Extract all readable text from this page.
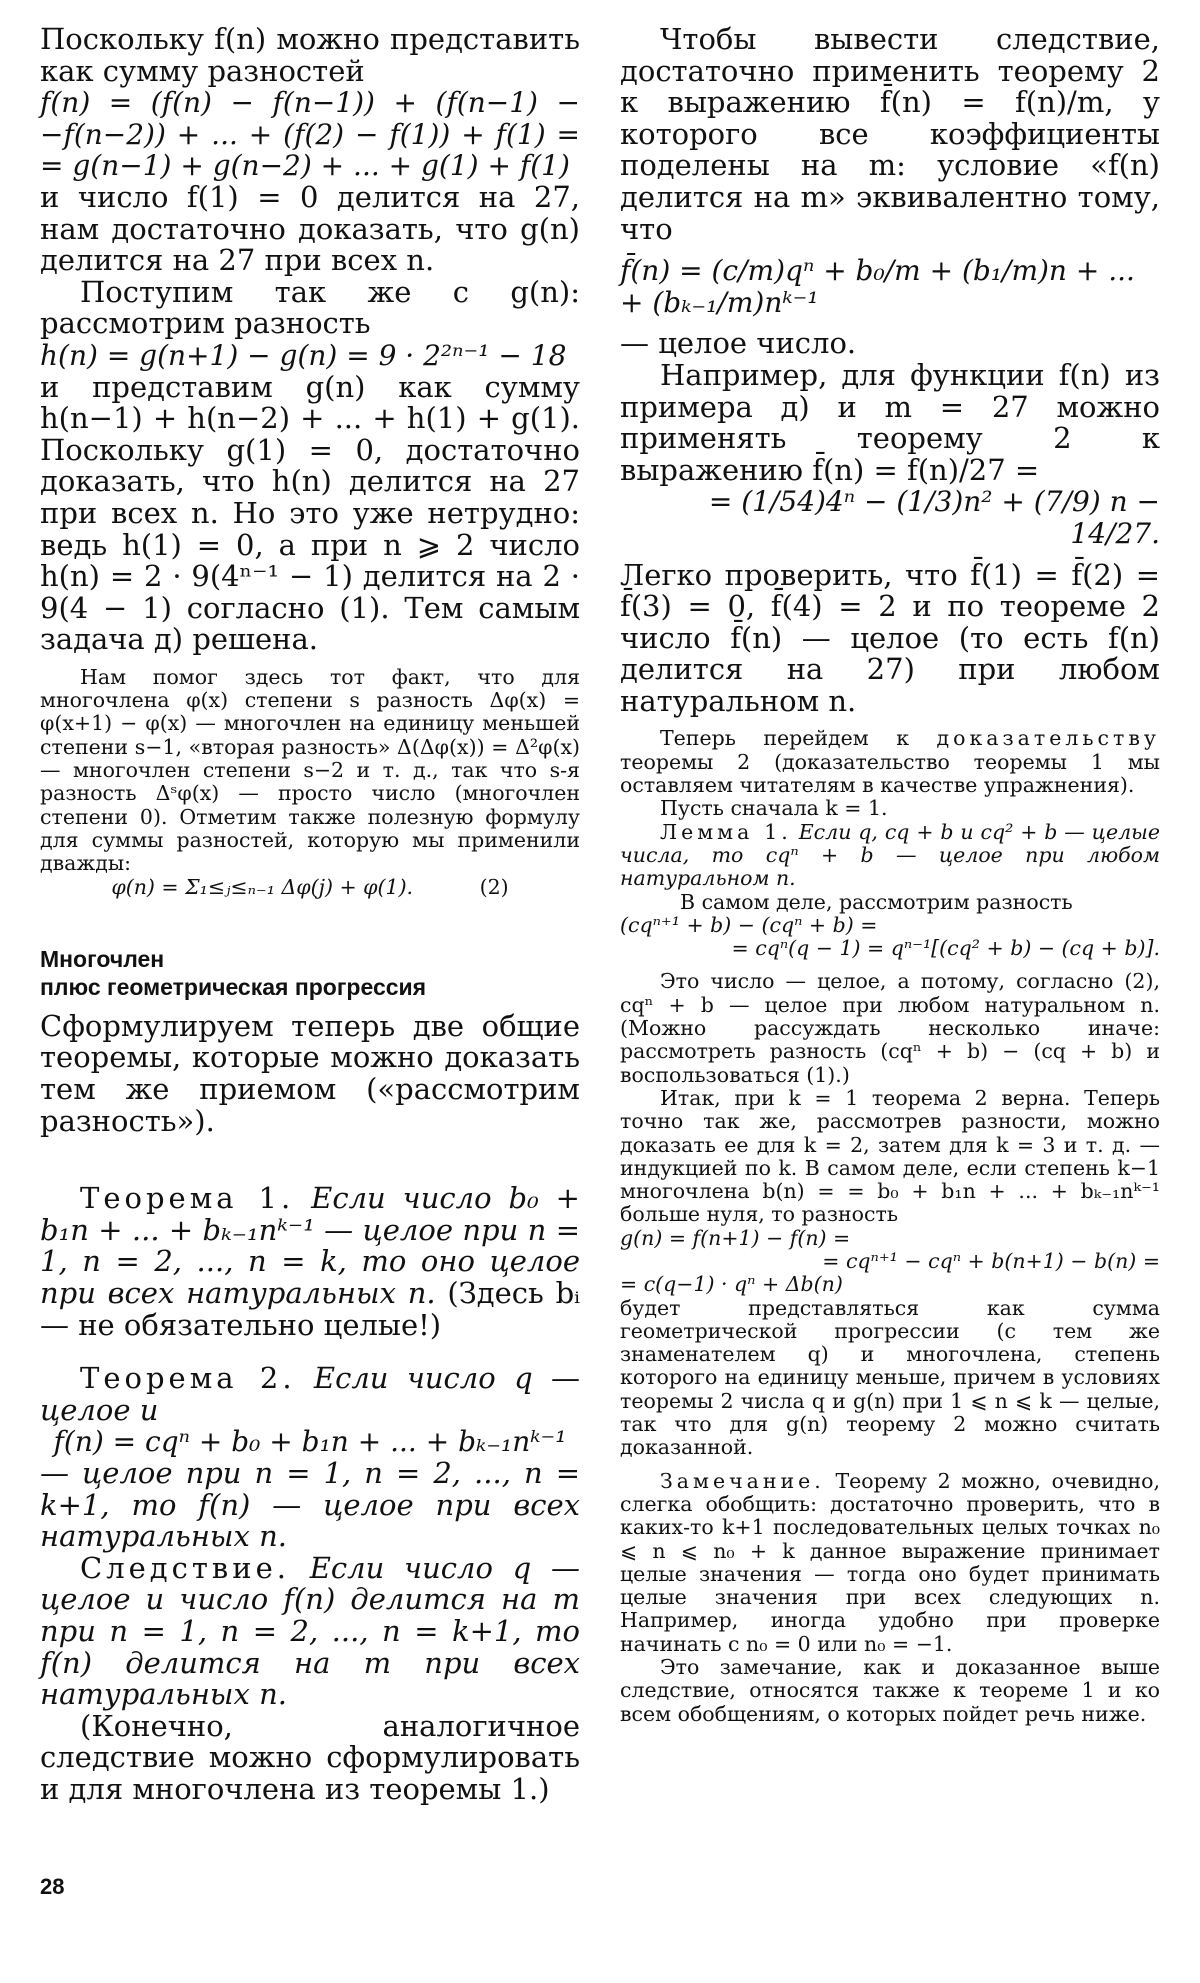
Поскольку f(n) можно представить как сумму разностей

f(n) = (f(n) − f(n−1)) + (f(n−1) − −f(n−2)) + ... + (f(2) − f(1)) + f(1) = = g(n−1) + g(n−2) + ... + g(1) + f(1)

и число f(1) = 0 делится на 27, нам достаточно доказать, что g(n) делится на 27 при всех n.

Поступим так же с g(n): рассмотрим разность

h(n) = g(n+1) − g(n) = 9 · 2²ⁿ⁻¹ − 18

и представим g(n) как сумму h(n−1) + h(n−2) + ... + h(1) + g(1). Поскольку g(1) = 0, достаточно доказать, что h(n) делится на 27 при всех n. Но это уже нетрудно: ведь h(1) = 0, а при n ⩾ 2 число h(n) = 2 · 9(4ⁿ⁻¹ − 1) делится на 2 · 9(4 − 1) согласно (1). Тем самым задача д) решена.

Нам помог здесь тот факт, что для многочлена φ(x) степени s разность Δφ(x) = φ(x+1) − φ(x) — многочлен на единицу меньшей степени s−1, «вторая разность» Δ(Δφ(x)) = Δ²φ(x) — многочлен степени s−2 и т. д., так что s-я разность Δˢφ(x) — просто число (многочлен степени 0). Отметим также полезную формулу для суммы разностей, которую мы применили дважды:

φ(n) = Σ₁≤ⱼ≤ₙ₋₁ Δφ(j) + φ(1).	(2)

Многочлен

плюс геометрическая прогрессия

Сформулируем теперь две общие теоремы, которые можно доказать тем же приемом («рассмотрим разность»).

Теорема 1. Если число b₀ + b₁n + ... + bₖ₋₁nᵏ⁻¹ — целое при n = 1, n = 2, ..., n = k, то оно целое при всех натуральных n. (Здесь bᵢ — не обязательно целые!)

Теорема 2. Если число q — целое и

f(n) = cqⁿ + b₀ + b₁n + ... + bₖ₋₁nᵏ⁻¹

— целое при n = 1, n = 2, ..., n = k+1, то f(n) — целое при всех натуральных n.

Следствие. Если число q — целое и число f(n) делится на m при n = 1, n = 2, ..., n = k+1, то f(n) делится на m при всех натуральных n.

(Конечно, аналогичное следствие можно сформулировать и для многочлена из теоремы 1.)

Чтобы вывести следствие, достаточно применить теорему 2 к выражению f̄(n) = f(n)/m, у которого все коэффициенты поделены на m: условие «f(n) делится на m» эквивалентно тому, что

f̄(n) = (c/m)qⁿ + b₀/m + (b₁/m)n + ... + (bₖ₋₁/m)nᵏ⁻¹

— целое число.

Например, для функции f(n) из примера д) и m = 27 можно применять теорему 2 к выражению f̄(n) = f(n)/27 =

= (1/54)4ⁿ − (1/3)n² + (7/9) n − 14/27.

Легко проверить, что f̄(1) = f̄(2) = f̄(3) = 0, f̄(4) = 2 и по теореме 2 число f̄(n) — целое (то есть f(n) делится на 27) при любом натуральном n.

Теперь перейдем к доказательству теоремы 2 (доказательство теоремы 1 мы оставляем читателям в качестве упражнения).

Пусть сначала k = 1.

Лемма 1. Если q, cq + b и cq² + b — целые числа, то cqⁿ + b — целое при любом натуральном n.

В самом деле, рассмотрим разность

(cqⁿ⁺¹ + b) − (cqⁿ + b) =

= cqⁿ(q − 1) = qⁿ⁻¹[(cq² + b) − (cq + b)].

Это число — целое, а потому, согласно (2), cqⁿ + b — целое при любом натуральном n. (Можно рассуждать несколько иначе: рассмотреть разность (cqⁿ + b) − (cq + b) и воспользоваться (1).)

Итак, при k = 1 теорема 2 верна. Теперь точно так же, рассмотрев разности, можно доказать ее для k = 2, затем для k = 3 и т. д. — индукцией по k. В самом деле, если степень k−1 многочлена b(n) = = b₀ + b₁n + ... + bₖ₋₁nᵏ⁻¹ больше нуля, то разность

g(n) = f(n+1) − f(n) =

= cqⁿ⁺¹ − cqⁿ + b(n+1) − b(n) =

= c(q−1) · qⁿ + Δb(n)

будет представляться как сумма геометрической прогрессии (с тем же знаменателем q) и многочлена, степень которого на единицу меньше, причем в условиях теоремы 2 числа q и g(n) при 1 ⩽ n ⩽ k — целые, так что для g(n) теорему 2 можно считать доказанной.

Замечание. Теорему 2 можно, очевидно, слегка обобщить: достаточно проверить, что в каких-то k+1 последовательных целых точках n₀ ⩽ n ⩽ n₀ + k данное выражение принимает целые значения — тогда оно будет принимать целые значения при всех следующих n. Например, иногда удобно при проверке начинать с n₀ = 0 или n₀ = −1.

Это замечание, как и доказанное выше следствие, относятся также к теореме 1 и ко всем обобщениям, о которых пойдет речь ниже.

28
